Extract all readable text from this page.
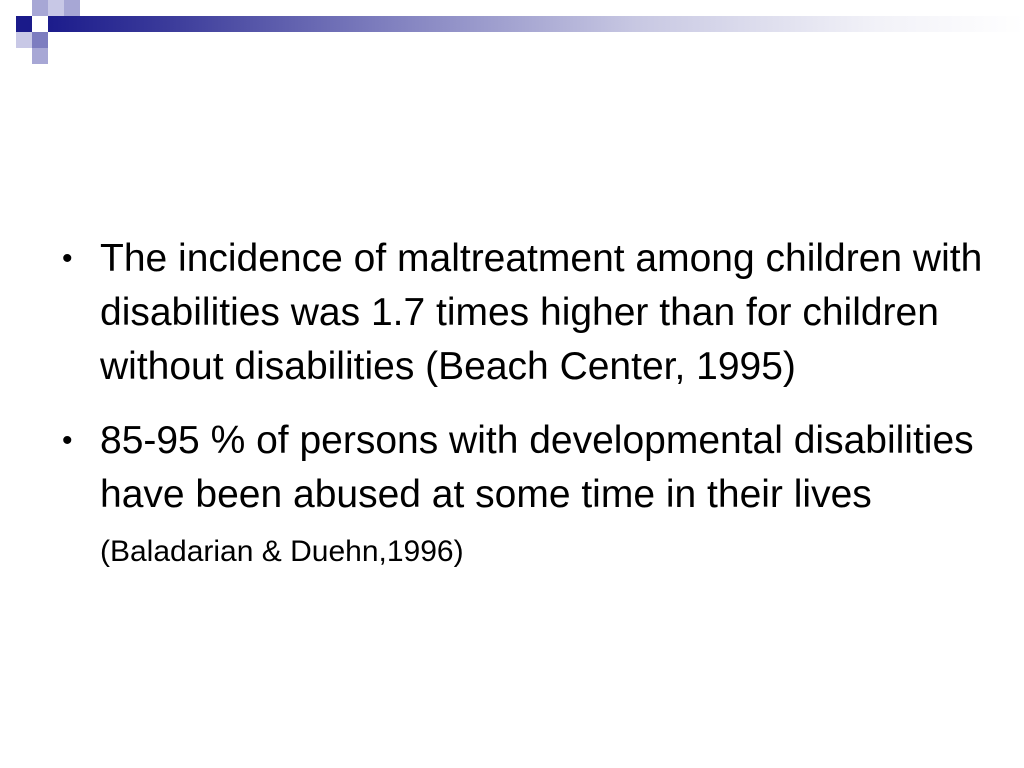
• The incidence of maltreatment among children with disabilities was 1.7 times higher than for children without disabilities (Beach Center, 1995)
• 85-95 % of persons with developmental disabilities have been abused at some time in their lives (Baladarian & Duehn,1996)
